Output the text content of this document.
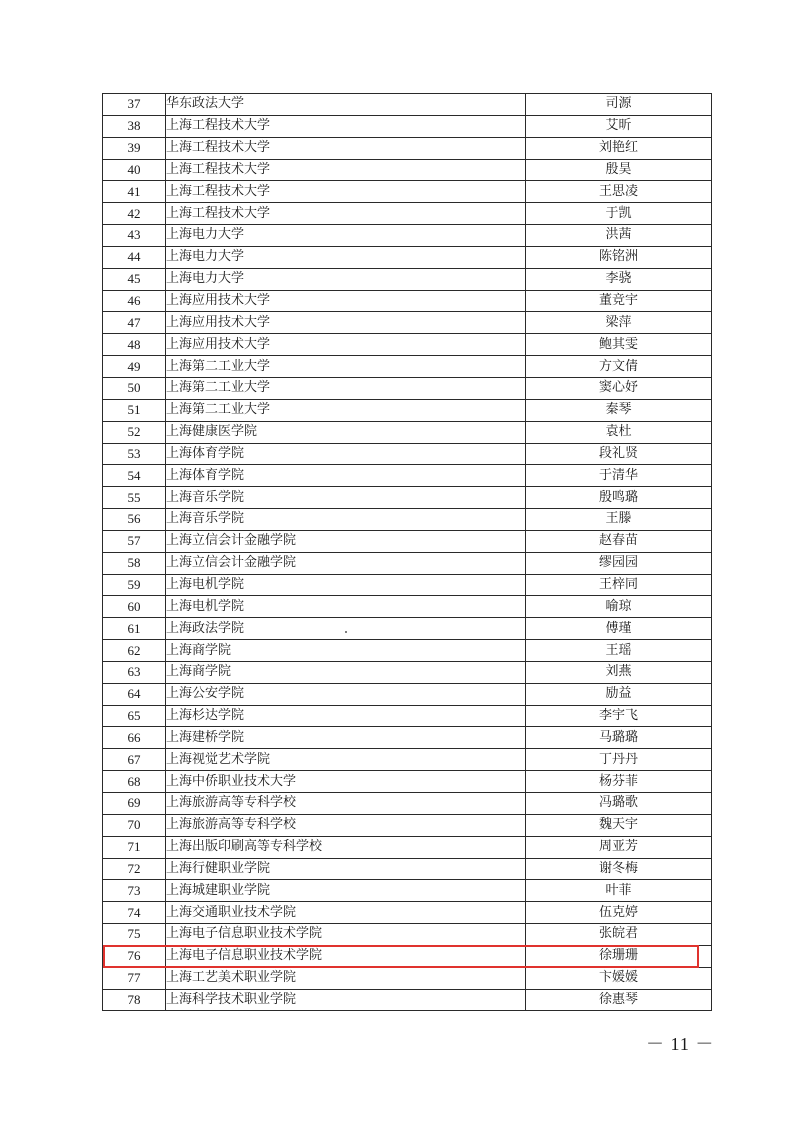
37	华东政法大学	司源
38	上海工程技术大学	艾昕
39	上海工程技术大学	刘艳红
40	上海工程技术大学	殷昊
41	上海工程技术大学	王思凌
42	上海工程技术大学	于凯
43	上海电力大学	洪茜
44	上海电力大学	陈铭洲
45	上海电力大学	李骁
46	上海应用技术大学	董竞宇
47	上海应用技术大学	梁萍
48	上海应用技术大学	鲍其雯
49	上海第二工业大学	方文倩
50	上海第二工业大学	窦心妤
51	上海第二工业大学	秦琴
52	上海健康医学院	袁杜
53	上海体育学院	段礼贤
54	上海体育学院	于清华
55	上海音乐学院	殷鸣璐
56	上海音乐学院	王滕
57	上海立信会计金融学院	赵春苗
58	上海立信会计金融学院	缪园园
59	上海电机学院	王梓同
60	上海电机学院	喻琼
61	上海政法学院	傅瑾
62	上海商学院	王瑶
63	上海商学院	刘燕
64	上海公安学院	励益
65	上海杉达学院	李宇飞
66	上海建桥学院	马璐璐
67	上海视觉艺术学院	丁丹丹
68	上海中侨职业技术大学	杨芬菲
69	上海旅游高等专科学校	冯璐歌
70	上海旅游高等专科学校	魏天宇
71	上海出版印刷高等专科学校	周亚芳
72	上海行健职业学院	谢冬梅
73	上海城建职业学院	叶菲
74	上海交通职业技术学院	伍克婷
75	上海电子信息职业技术学院	张皖君
76	上海电子信息职业技术学院	徐珊珊
77	上海工艺美术职业学院	卞媛媛
78	上海科学技术职业学院	徐惠琴
－ 11 －
